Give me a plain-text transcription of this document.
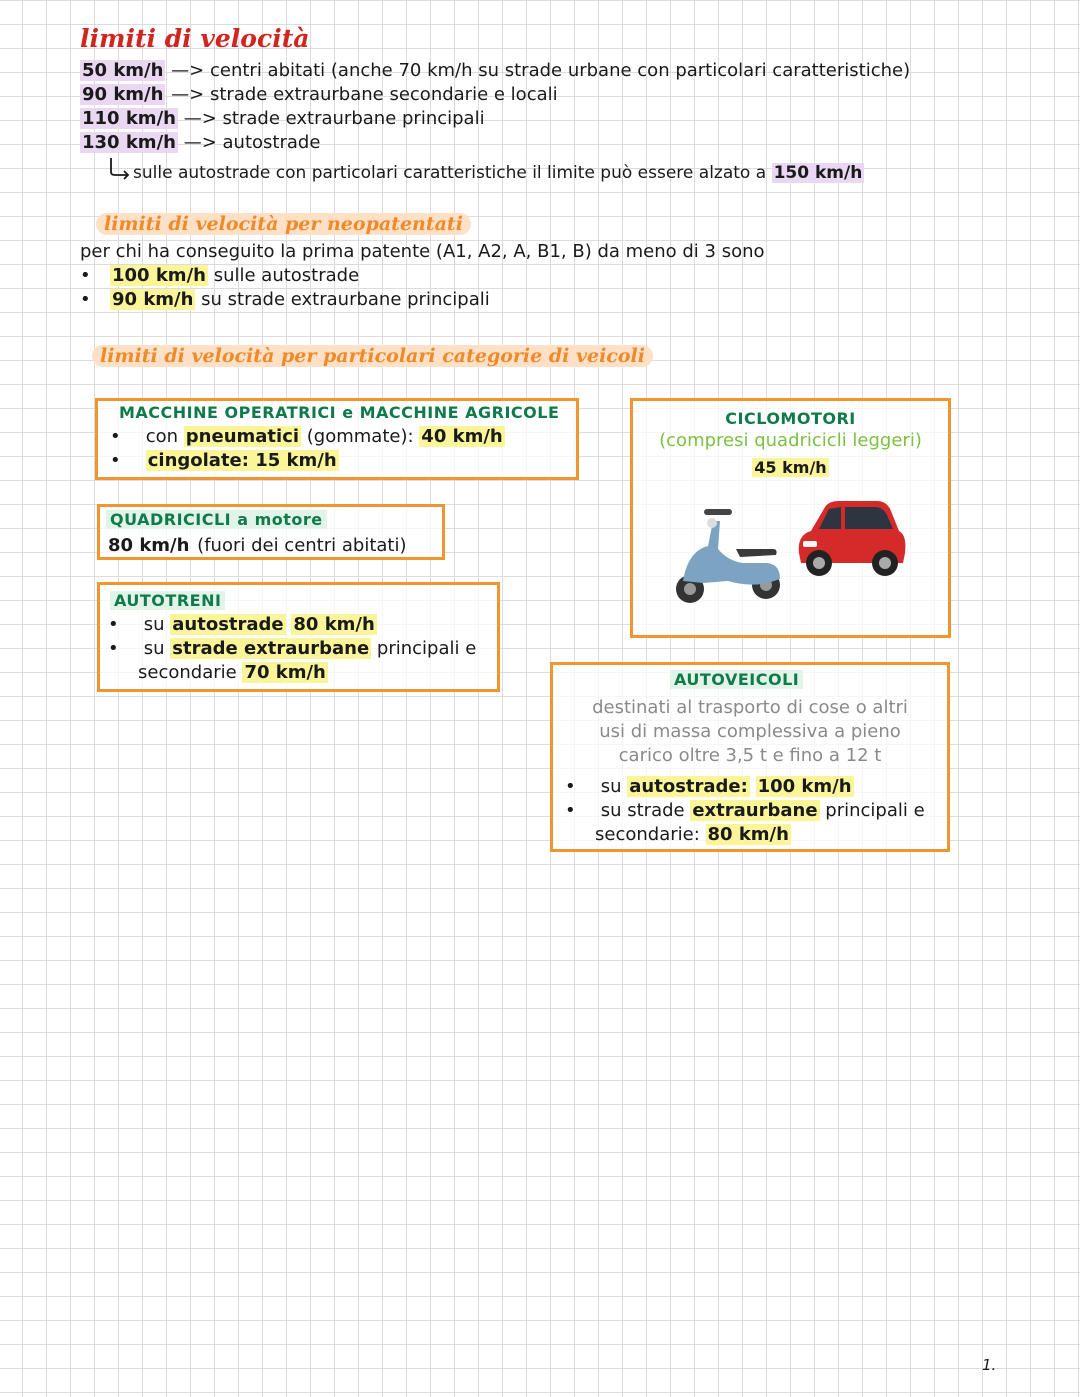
limiti di velocità
50 km/h —> centri abitati (anche 70 km/h su strade urbane con particolari caratteristiche)
90 km/h —> strade extraurbane secondarie e locali
110 km/h —> strade extraurbane principali
130 km/h —> autostrade
sulle autostrade con particolari caratteristiche il limite può essere alzato a 150 km/h
limiti di velocità per neopatentati
per chi ha conseguito la prima patente (A1, A2, A, B1, B) da meno di 3 sono
• 100 km/h sulle autostrade
• 90 km/h su strade extraurbane principali
limiti di velocità per particolari categorie di veicoli
MACCHINE OPERATRICI e MACCHINE AGRICOLE
• con pneumatici (gommate): 40 km/h
• cingolate: 15 km/h
QUADRICICLI a motore
80 km/h (fuori dei centri abitati)
AUTOTRENI
• su autostrade 80 km/h
• su strade extraurbane principali e
secondarie 70 km/h
CICLOMOTORI
(compresi quadricicli leggeri)
45 km/h
AUTOVEICOLI
destinati al trasporto di cose o altri
usi di massa complessiva a pieno
carico oltre 3,5 t e fino a 12 t
• su autostrade: 100 km/h
• su strade extraurbane principali e
secondarie: 80 km/h
1.
